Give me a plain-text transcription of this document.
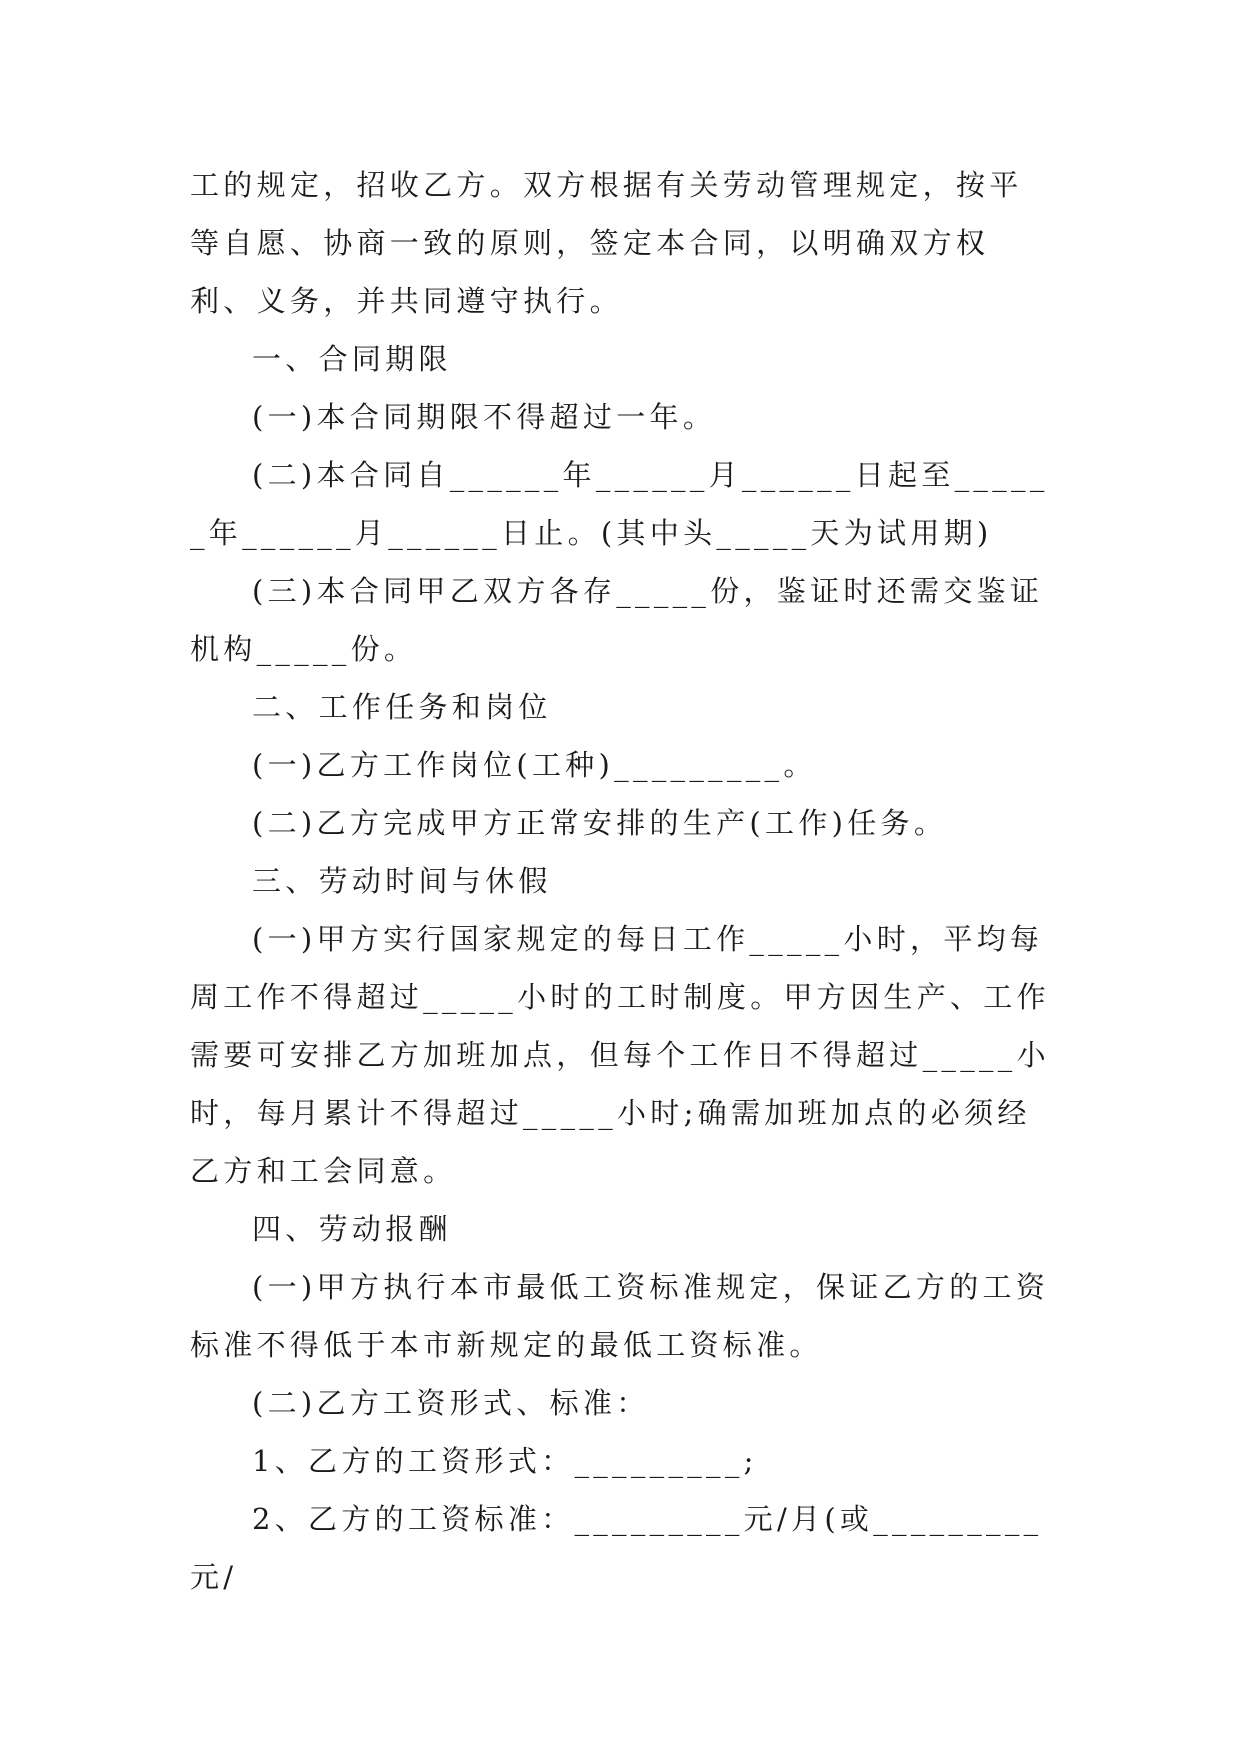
工的规定，招收乙方。双方根据有关劳动管理规定，按平等自愿、协商一致的原则，签定本合同，以明确双方权利、义务，并共同遵守执行。

一、合同期限

(一)本合同期限不得超过一年。

(二)本合同自______年______月______日起至______年______月______日止。(其中头_____天为试用期)

(三)本合同甲乙双方各存_____份，鉴证时还需交鉴证机构_____份。

二、工作任务和岗位

(一)乙方工作岗位(工种)_________。

(二)乙方完成甲方正常安排的生产(工作)任务。

三、劳动时间与休假

(一)甲方实行国家规定的每日工作_____小时，平均每周工作不得超过_____小时的工时制度。甲方因生产、工作需要可安排乙方加班加点，但每个工作日不得超过_____小时，每月累计不得超过_____小时;确需加班加点的必须经乙方和工会同意。

四、劳动报酬

(一)甲方执行本市最低工资标准规定，保证乙方的工资标准不得低于本市新规定的最低工资标准。

(二)乙方工资形式、标准：

1、乙方的工资形式：_________;

2、乙方的工资标准：_________元/月(或_________元/
